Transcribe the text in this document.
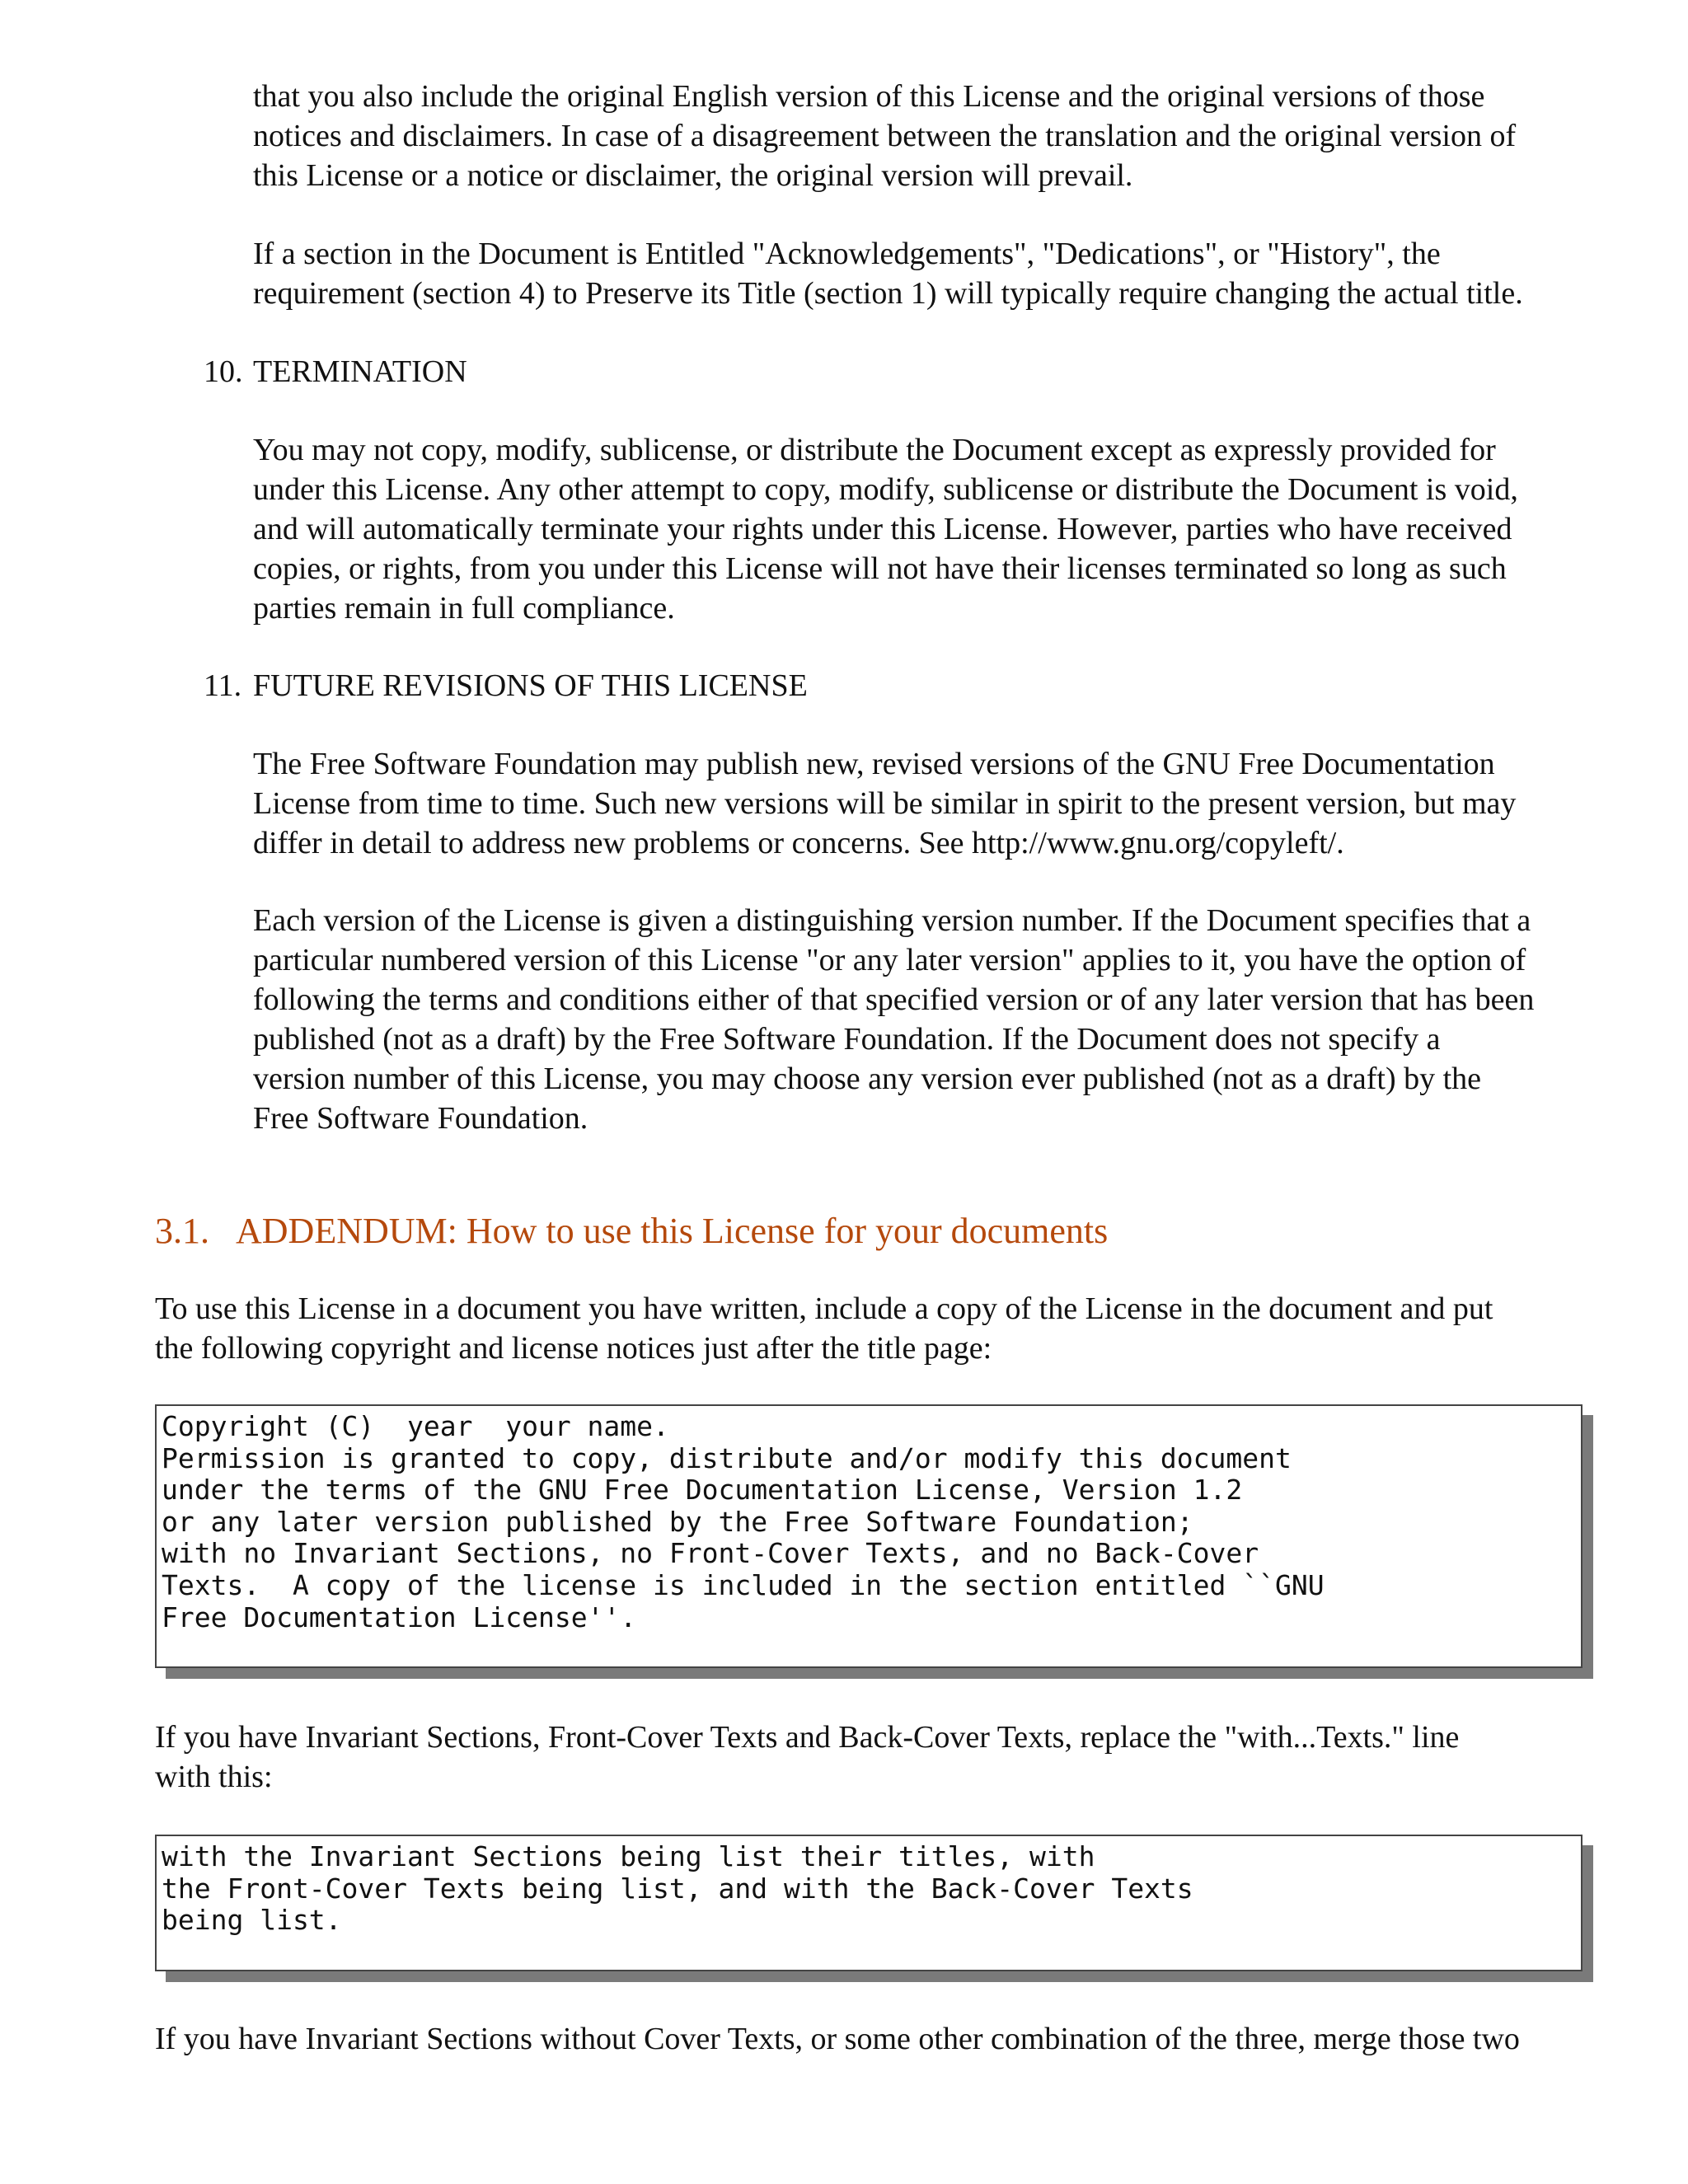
that you also include the original English version of this License and the original versions of those
notices and disclaimers. In case of a disagreement between the translation and the original version of
this License or a notice or disclaimer, the original version will prevail.

If a section in the Document is Entitled "Acknowledgements", "Dedications", or "History", the
requirement (section 4) to Preserve its Title (section 1) will typically require changing the actual title.

10. TERMINATION

You may not copy, modify, sublicense, or distribute the Document except as expressly provided for
under this License. Any other attempt to copy, modify, sublicense or distribute the Document is void,
and will automatically terminate your rights under this License. However, parties who have received
copies, or rights, from you under this License will not have their licenses terminated so long as such
parties remain in full compliance.

11. FUTURE REVISIONS OF THIS LICENSE

The Free Software Foundation may publish new, revised versions of the GNU Free Documentation
License from time to time. Such new versions will be similar in spirit to the present version, but may
differ in detail to address new problems or concerns. See http://www.gnu.org/copyleft/.

Each version of the License is given a distinguishing version number. If the Document specifies that a
particular numbered version of this License "or any later version" applies to it, you have the option of
following the terms and conditions either of that specified version or of any later version that has been
published (not as a draft) by the Free Software Foundation. If the Document does not specify a
version number of this License, you may choose any version ever published (not as a draft) by the
Free Software Foundation.

3.1. ADDENDUM: How to use this License for your documents

To use this License in a document you have written, include a copy of the License in the document and put
the following copyright and license notices just after the title page:

Copyright (C)  year  your name.
Permission is granted to copy, distribute and/or modify this document
under the terms of the GNU Free Documentation License, Version 1.2
or any later version published by the Free Software Foundation;
with no Invariant Sections, no Front-Cover Texts, and no Back-Cover
Texts.  A copy of the license is included in the section entitled ``GNU
Free Documentation License''.

If you have Invariant Sections, Front-Cover Texts and Back-Cover Texts, replace the "with...Texts." line
with this:

with the Invariant Sections being list their titles, with
the Front-Cover Texts being list, and with the Back-Cover Texts
being list.

If you have Invariant Sections without Cover Texts, or some other combination of the three, merge those two
